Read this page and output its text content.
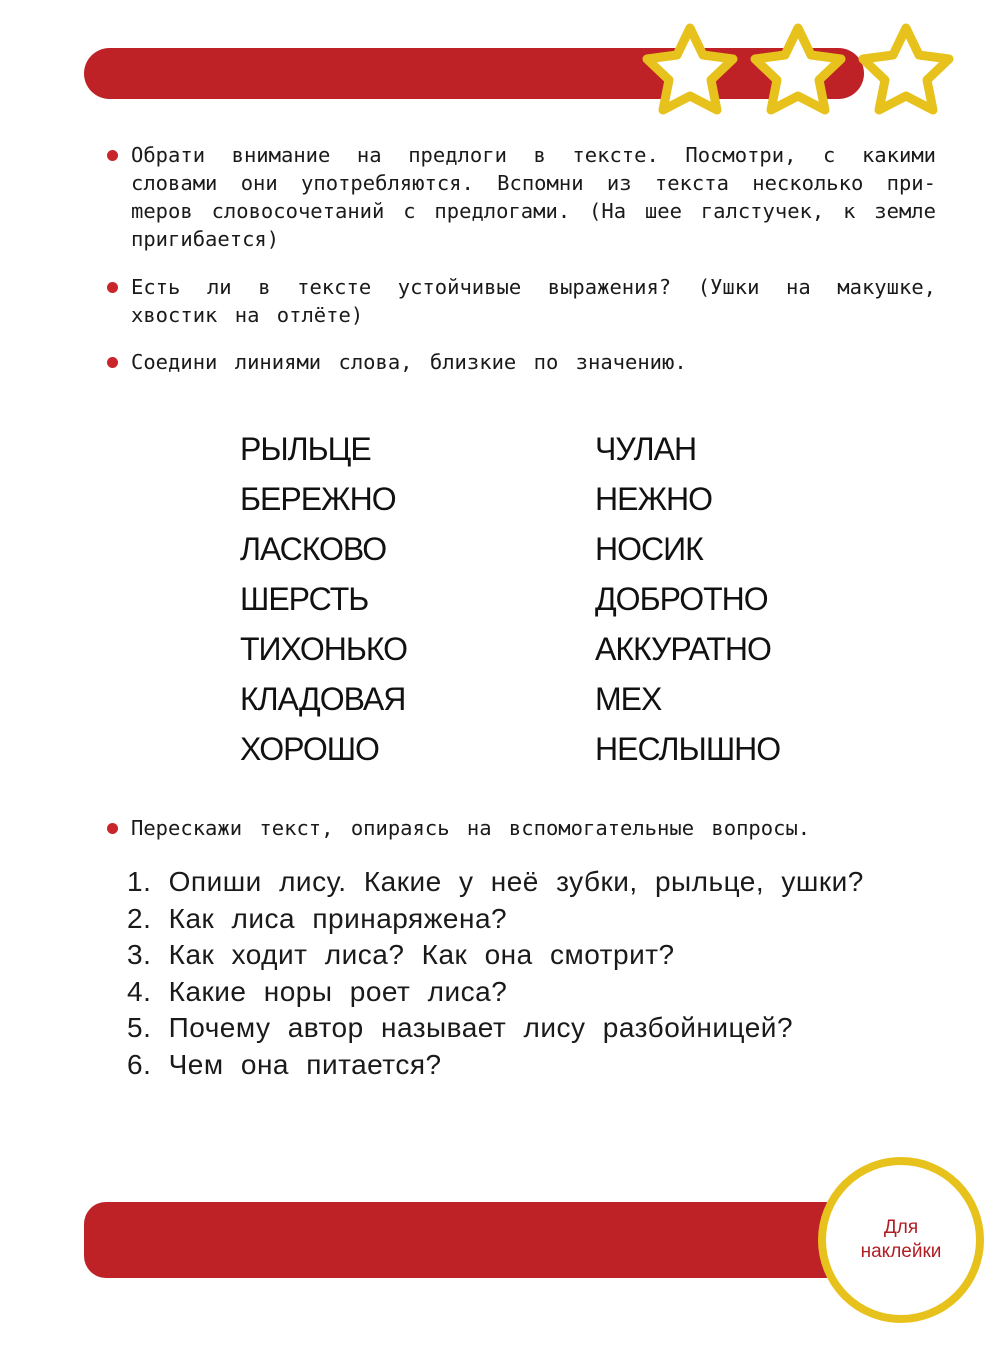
Обрати внимание на предлоги в тексте. Посмотри, с какими словами они употребляются. Вспомни из текста несколько приmеров словосочетаний с предлогами. (На шее галстучек, к земле пригибается)
Есть ли в тексте устойчивые выражения? (Ушки на макушке, хвостик на отлёте)
Соедини линиями слова, близкие по значению.
РЫЛЬЦЕ
БЕРЕЖНО
ЛАСКОВО
ШЕРСТЬ
ТИХОНЬКО
КЛАДОВАЯ
ХОРОШО
ЧУЛАН
НЕЖНО
НОСИК
ДОБРОТНО
АККУРАТНО
МЕХ
НЕСЛЫШНО
Перескажи текст, опираясь на вспомогательные вопросы.
1. Опиши лису. Какие у неё зубки, рыльце, ушки?
2. Как лиса принаряжена?
3. Как ходит лиса? Как она смотрит?
4. Какие норы роет лиса?
5. Почему автор называет лису разбойницей?
6. Чем она питается?
Для
наклейки
